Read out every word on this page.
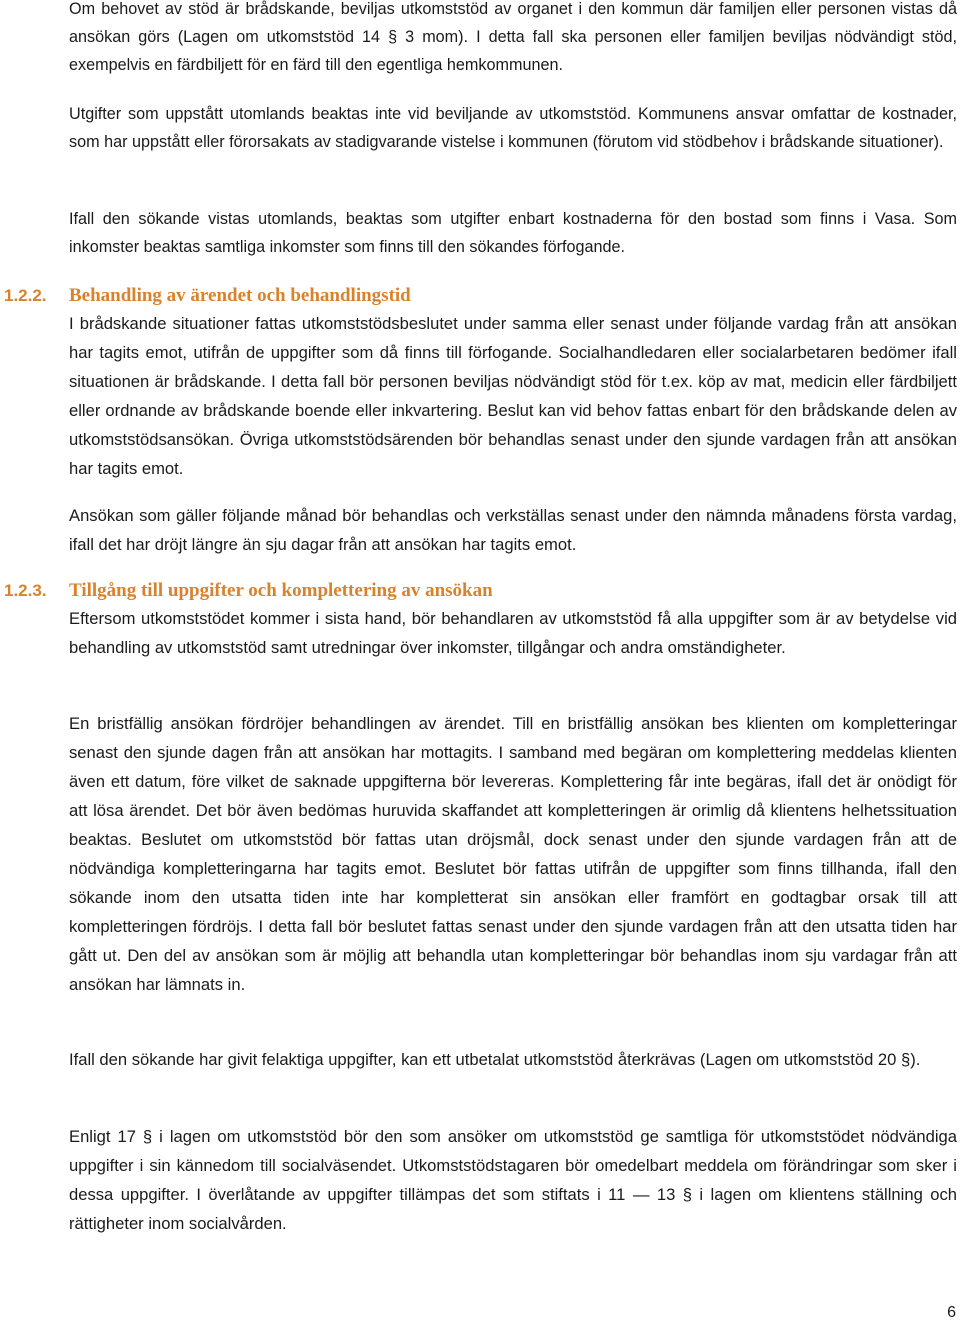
Om behovet av stöd är brådskande, beviljas utkomststöd av organet i den kommun där familjen eller personen vistas då ansökan görs (Lagen om utkomststöd 14 § 3 mom). I detta fall ska personen eller familjen beviljas nödvändigt stöd, exempelvis en färdbiljett för en färd till den egentliga hemkommunen.

Utgifter som uppstått utomlands beaktas inte vid beviljande av utkomststöd. Kommunens ansvar omfattar de kostnader, som har uppstått eller förorsakats av stadigvarande vistelse i kommunen (förutom vid stödbehov i brådskande situationer).

Ifall den sökande vistas utomlands, beaktas som utgifter enbart kostnaderna för den bostad som finns i Vasa. Som inkomster beaktas samtliga inkomster som finns till den sökandes förfogande.

1.2.2. Behandling av ärendet och behandlingstid

I brådskande situationer fattas utkomststödsbeslutet under samma eller senast under följande vardag från att ansökan har tagits emot, utifrån de uppgifter som då finns till förfogande. Socialhandledaren eller socialarbetaren bedömer ifall situationen är brådskande. I detta fall bör personen beviljas nödvändigt stöd för t.ex. köp av mat, medicin eller färdbiljett eller ordnande av brådskande boende eller inkvartering. Beslut kan vid behov fattas enbart för den brådskande delen av utkomststödsansökan. Övriga utkomststödsärenden bör behandlas senast under den sjunde vardagen från att ansökan har tagits emot.

Ansökan som gäller följande månad bör behandlas och verkställas senast under den nämnda månadens första vardag, ifall det har dröjt längre än sju dagar från att ansökan har tagits emot.

1.2.3. Tillgång till uppgifter och komplettering av ansökan

Eftersom utkomststödet kommer i sista hand, bör behandlaren av utkomststöd få alla uppgifter som är av betydelse vid behandling av utkomststöd samt utredningar över inkomster, tillgångar och andra omständigheter.

En bristfällig ansökan fördröjer behandlingen av ärendet. Till en bristfällig ansökan bes klienten om kompletteringar senast den sjunde dagen från att ansökan har mottagits. I samband med begäran om komplettering meddelas klienten även ett datum, före vilket de saknade uppgifterna bör levereras. Komplettering får inte begäras, ifall det är onödigt för att lösa ärendet. Det bör även bedömas huruvida skaffandet att kompletteringen är orimlig då klientens helhetssituation beaktas. Beslutet om utkomststöd bör fattas utan dröjsmål, dock senast under den sjunde vardagen från att de nödvändiga kompletteringarna har tagits emot. Beslutet bör fattas utifrån de uppgifter som finns tillhanda, ifall den sökande inom den utsatta tiden inte har kompletterat sin ansökan eller framfört en godtagbar orsak till att kompletteringen fördröjs. I detta fall bör beslutet fattas senast under den sjunde vardagen från att den utsatta tiden har gått ut. Den del av ansökan som är möjlig att behandla utan kompletteringar bör behandlas inom sju vardagar från att ansökan har lämnats in.

Ifall den sökande har givit felaktiga uppgifter, kan ett utbetalat utkomststöd återkrävas (Lagen om utkomststöd 20 §).

Enligt 17 § i lagen om utkomststöd bör den som ansöker om utkomststöd ge samtliga för utkomststödet nödvändiga uppgifter i sin kännedom till socialväsendet. Utkomststödstagaren bör omedelbart meddela om förändringar som sker i dessa uppgifter. I överlåtande av uppgifter tillämpas det som stiftats i 11 — 13 § i lagen om klientens ställning och rättigheter inom socialvården.

6
